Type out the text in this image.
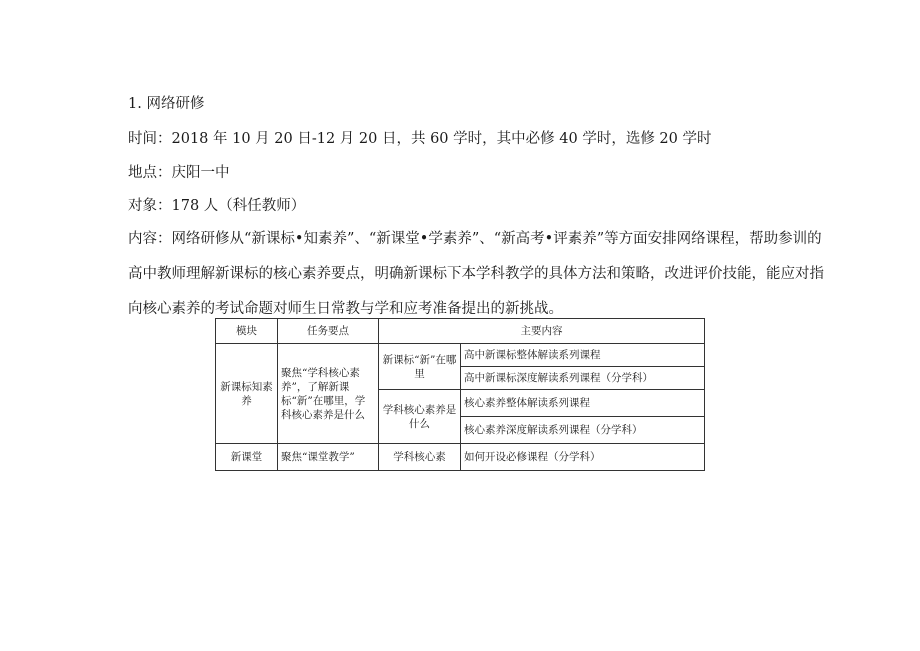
1. 网络研修
时间：2018 年 10 月 20 日-12 月 20 日，共 60 学时，其中必修 40 学时，选修 20 学时
地点：庆阳一中
对象：178 人（科任教师）
内容：网络研修从“新课标•知素养”、“新课堂•学素养”、“新高考•评素养”等方面安排网络课程，帮助参训的高中教师理解新课标的核心素养要点，明确新课标下本学科教学的具体方法和策略，改进评价技能，能应对指向核心素养的考试命题对师生日常教与学和应考准备提出的新挑战。
模块	任务要点	主要内容	
新课标知素养	聚焦“学科核心素养”，了解新课标“新”在哪里，学科核心素养是什么	新课标“新”在哪里	高中新课标整体解读系列课程
			高中新课标深度解读系列课程（分学科）
		学科核心素养是什么	核心素养整体解读系列课程
			核心素养深度解读系列课程（分学科）
新课堂	聚焦“课堂教学”	学科核心素	如何开设必修课程（分学科）
